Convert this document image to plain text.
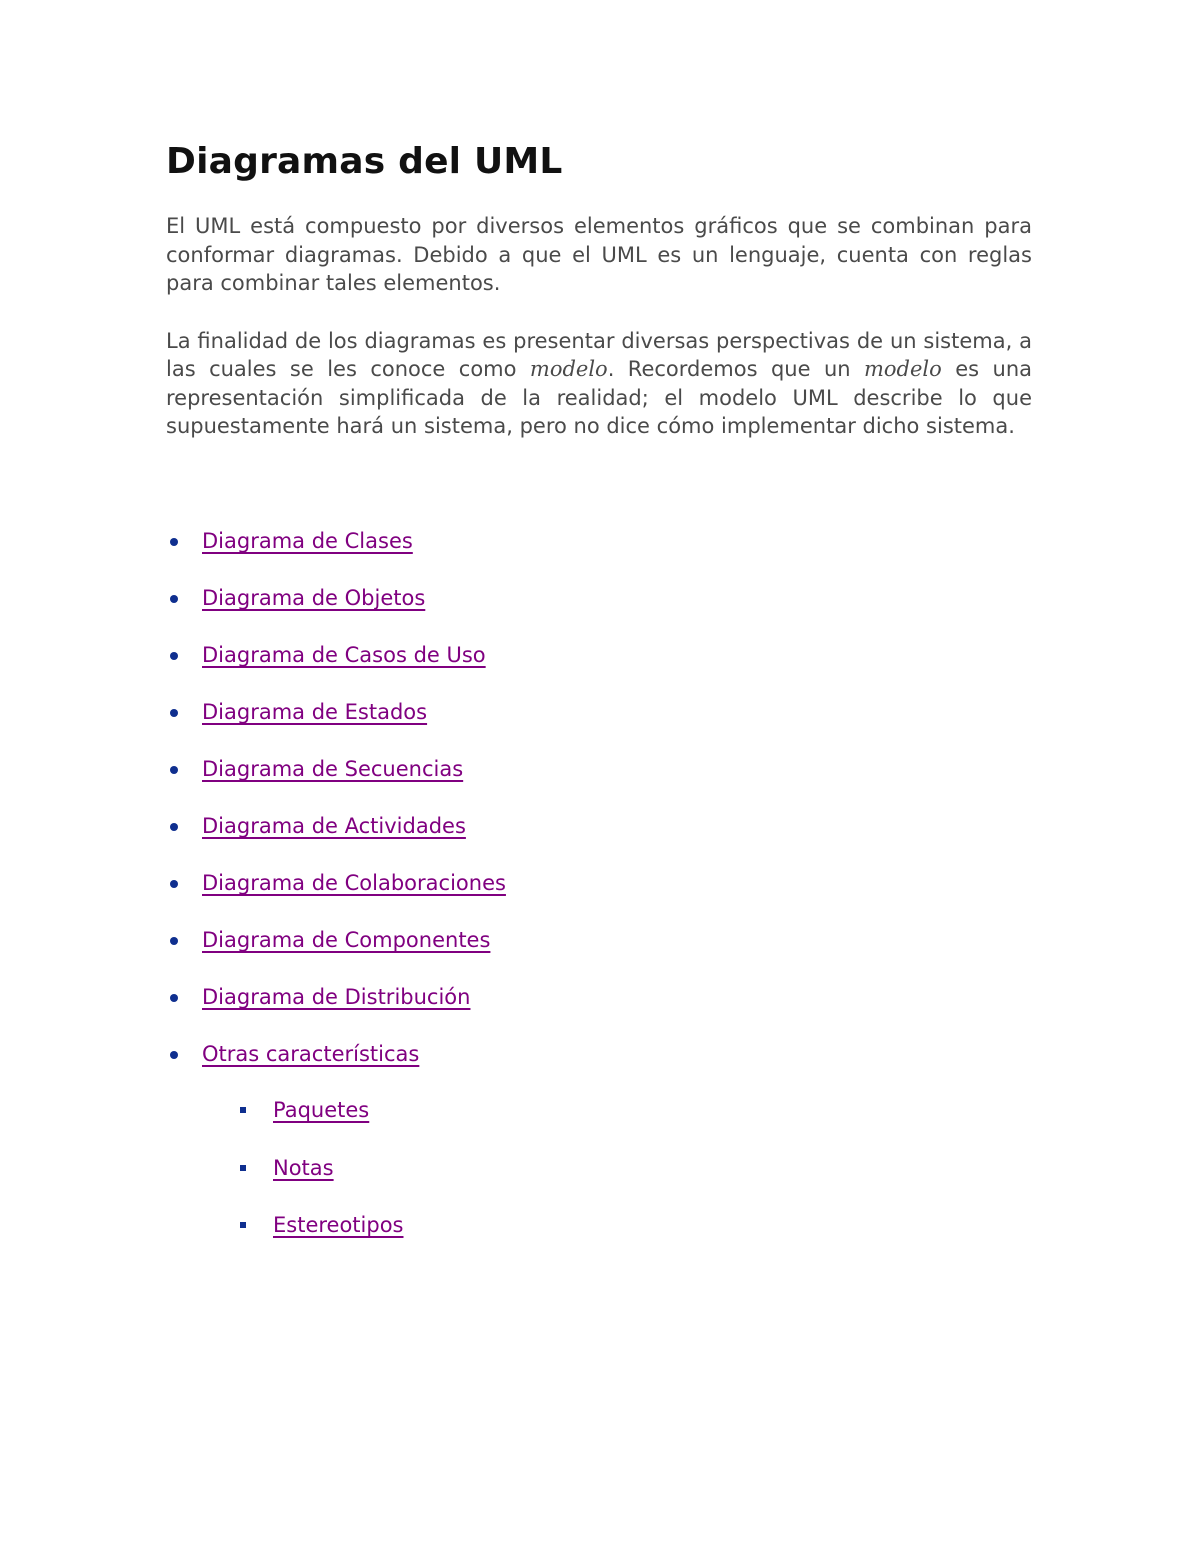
Diagramas del UML

El UML está compuesto por diversos elementos gráficos que se combinan para conformar diagramas. Debido a que el UML es un lenguaje, cuenta con reglas para combinar tales elementos.

La finalidad de los diagramas es presentar diversas perspectivas de un sistema, a las cuales se les conoce como modelo. Recordemos que un modelo es una representación simplificada de la realidad; el modelo UML describe lo que supuestamente hará un sistema, pero no dice cómo implementar dicho sistema.

Diagrama de Clases
Diagrama de Objetos
Diagrama de Casos de Uso
Diagrama de Estados
Diagrama de Secuencias
Diagrama de Actividades
Diagrama de Colaboraciones
Diagrama de Componentes
Diagrama de Distribución
Otras características
Paquetes
Notas
Estereotipos
